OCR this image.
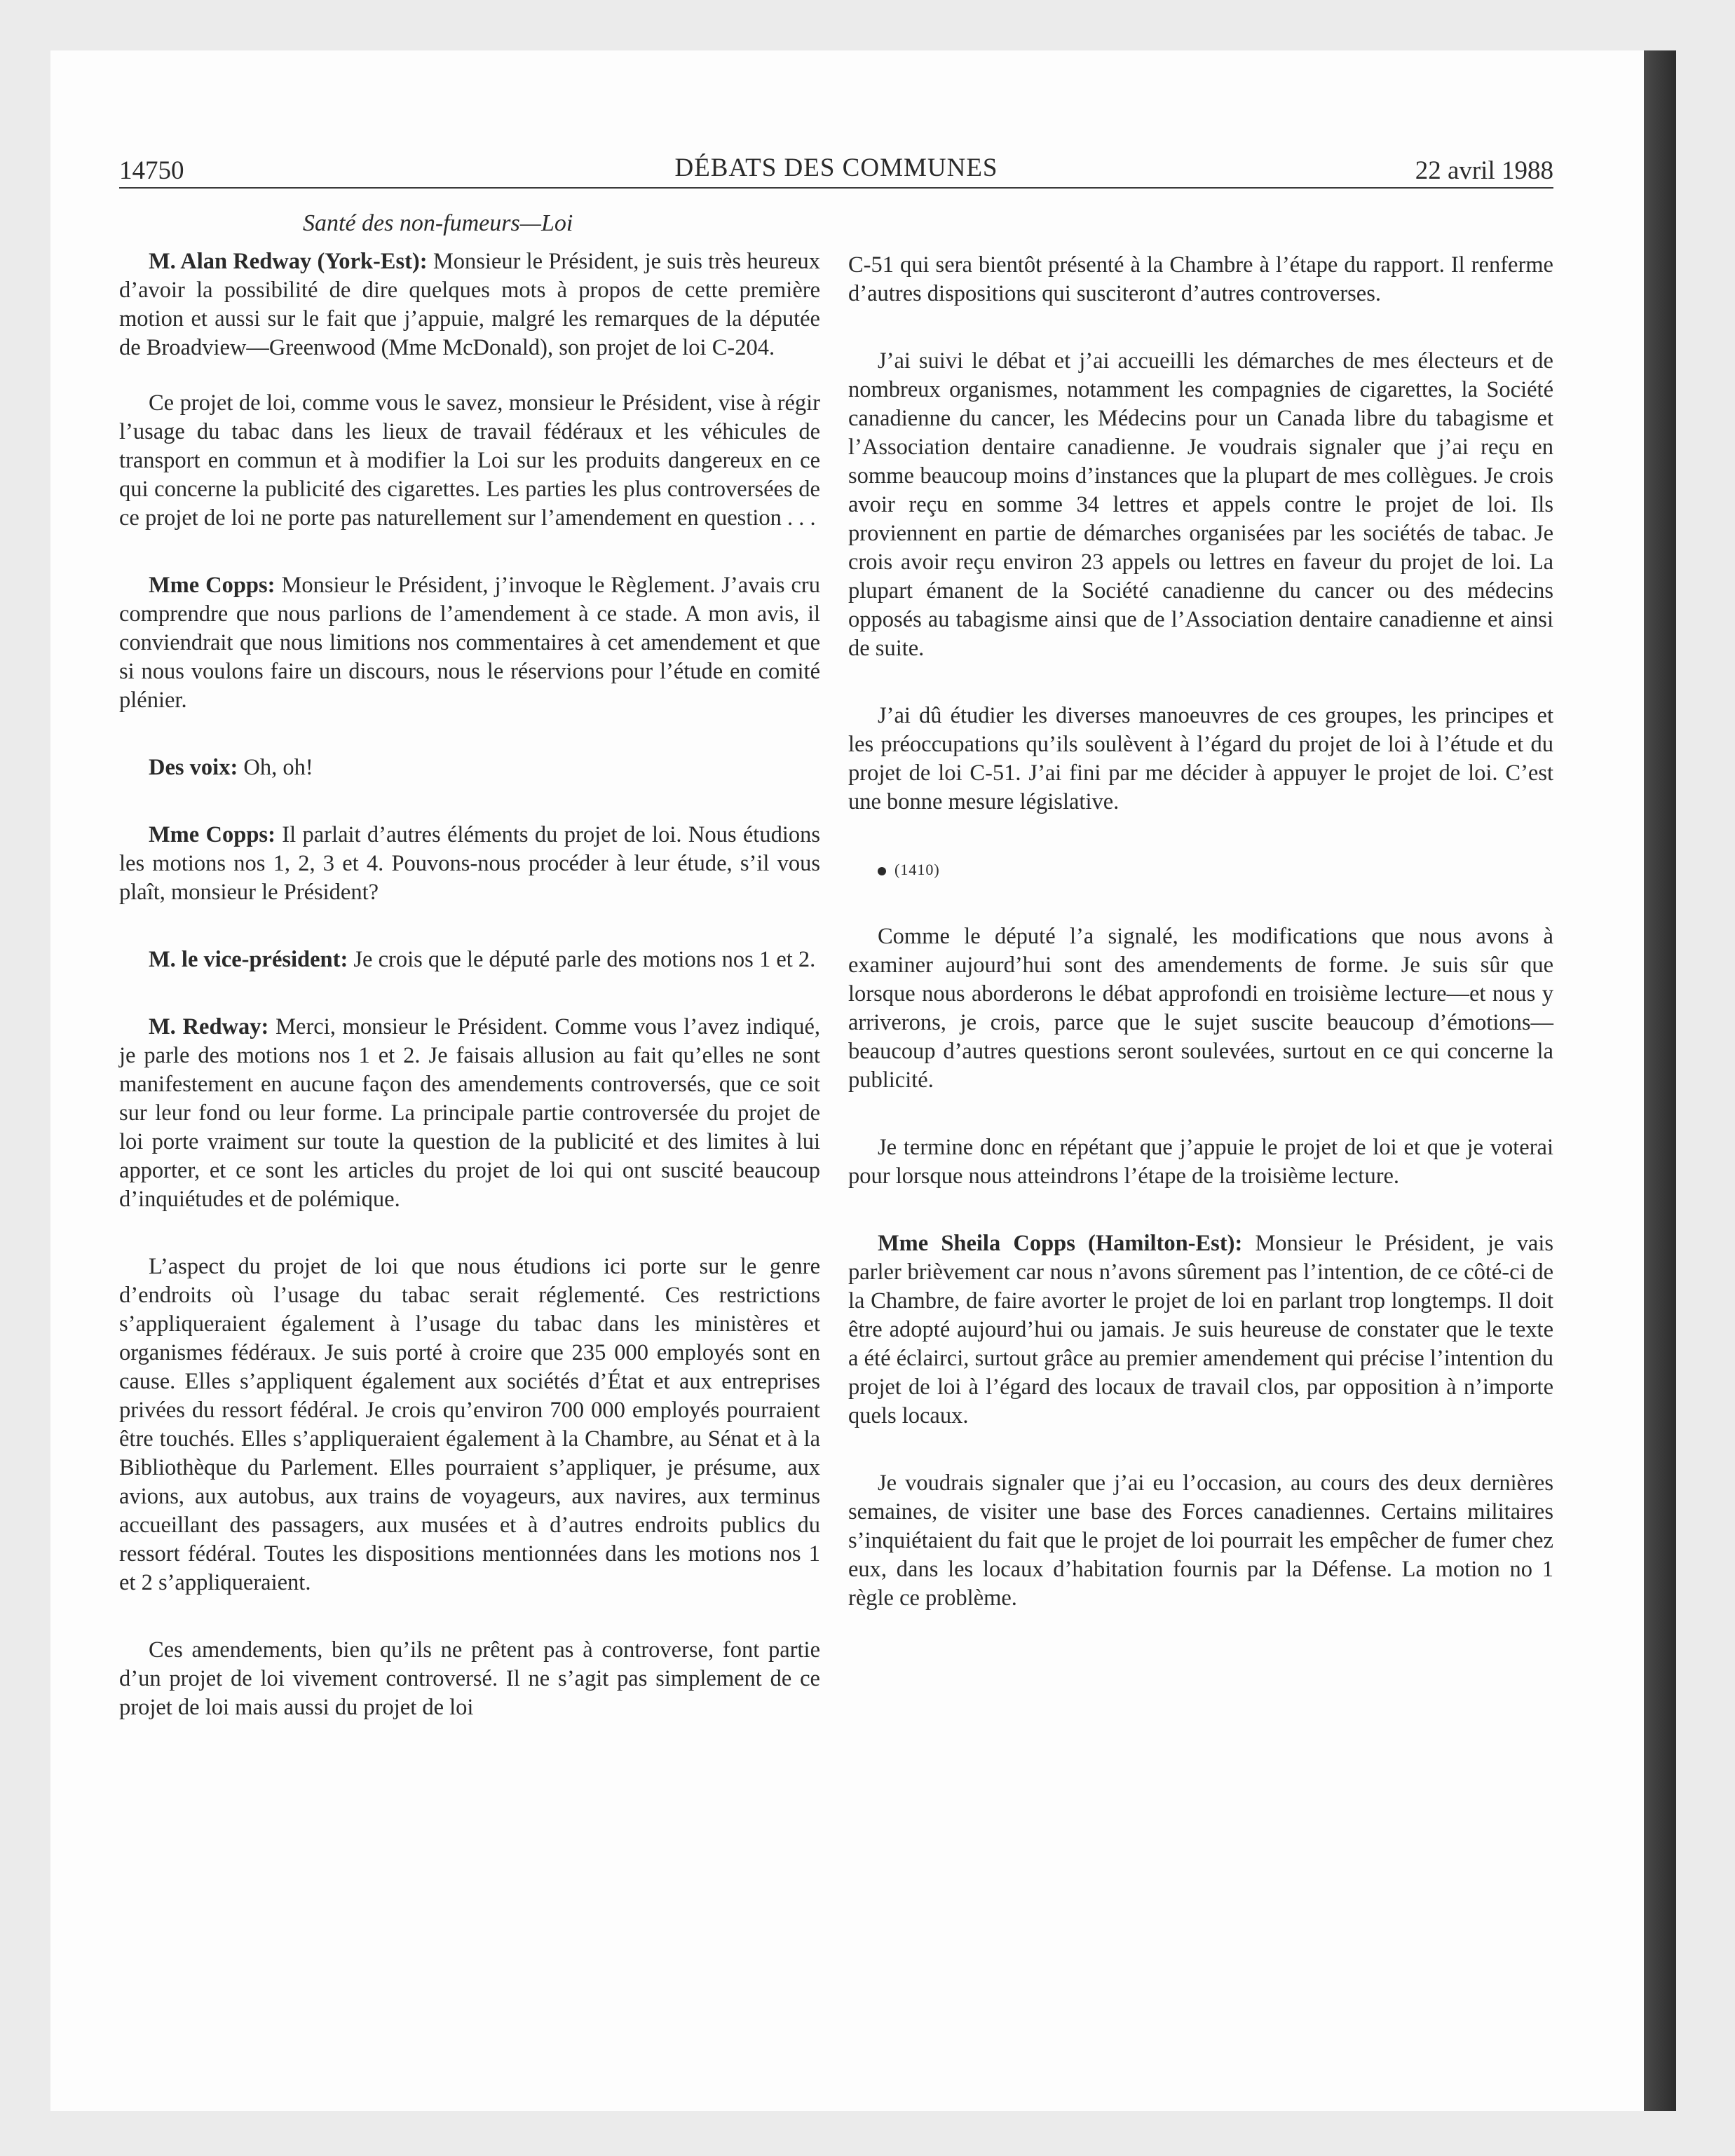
14750	DÉBATS DES COMMUNES	22 avril 1988
Santé des non-fumeurs—Loi

M. Alan Redway (York-Est): Monsieur le Président, je suis très heureux d’avoir la possibilité de dire quelques mots à propos de cette première motion et aussi sur le fait que j’appuie, malgré les remarques de la députée de Broadview—Greenwood (Mme McDonald), son projet de loi C-204.

Ce projet de loi, comme vous le savez, monsieur le Président, vise à régir l’usage du tabac dans les lieux de travail fédéraux et les véhicules de transport en commun et à modifier la Loi sur les produits dangereux en ce qui concerne la publicité des cigarettes. Les parties les plus controversées de ce projet de loi ne porte pas naturellement sur l’amendement en question . . .

Mme Copps: Monsieur le Président, j’invoque le Règlement. J’avais cru comprendre que nous parlions de l’amendement à ce stade. A mon avis, il conviendrait que nous limitions nos commentaires à cet amendement et que si nous voulons faire un discours, nous le réservions pour l’étude en comité plénier.

Des voix: Oh, oh!

Mme Copps: Il parlait d’autres éléments du projet de loi. Nous étudions les motions nos 1, 2, 3 et 4. Pouvons-nous procéder à leur étude, s’il vous plaît, monsieur le Président?

M. le vice-président: Je crois que le député parle des motions nos 1 et 2.

M. Redway: Merci, monsieur le Président. Comme vous l’avez indiqué, je parle des motions nos 1 et 2. Je faisais allusion au fait qu’elles ne sont manifestement en aucune façon des amendements controversés, que ce soit sur leur fond ou leur forme. La principale partie controversée du projet de loi porte vraiment sur toute la question de la publicité et des limites à lui apporter, et ce sont les articles du projet de loi qui ont suscité beaucoup d’inquiétudes et de polémique.

L’aspect du projet de loi que nous étudions ici porte sur le genre d’endroits où l’usage du tabac serait réglementé. Ces restrictions s’appliqueraient également à l’usage du tabac dans les ministères et organismes fédéraux. Je suis porté à croire que 235 000 employés sont en cause. Elles s’appliquent également aux sociétés d’État et aux entreprises privées du ressort fédéral. Je crois qu’environ 700 000 employés pourraient être touchés. Elles s’appliqueraient également à la Chambre, au Sénat et à la Bibliothèque du Parlement. Elles pourraient s’appliquer, je présume, aux avions, aux autobus, aux trains de voyageurs, aux navires, aux terminus accueillant des passagers, aux musées et à d’autres endroits publics du ressort fédéral. Toutes les dispositions mentionnées dans les motions nos 1 et 2 s’appliqueraient.

Ces amendements, bien qu’ils ne prêtent pas à controverse, font partie d’un projet de loi vivement controversé. Il ne s’agit pas simplement de ce projet de loi mais aussi du projet de loi

C-51 qui sera bientôt présenté à la Chambre à l’étape du rapport. Il renferme d’autres dispositions qui susciteront d’autres controverses.

J’ai suivi le débat et j’ai accueilli les démarches de mes électeurs et de nombreux organismes, notamment les compagnies de cigarettes, la Société canadienne du cancer, les Médecins pour un Canada libre du tabagisme et l’Association dentaire canadienne. Je voudrais signaler que j’ai reçu en somme beaucoup moins d’instances que la plupart de mes collègues. Je crois avoir reçu en somme 34 lettres et appels contre le projet de loi. Ils proviennent en partie de démarches organisées par les sociétés de tabac. Je crois avoir reçu environ 23 appels ou lettres en faveur du projet de loi. La plupart émanent de la Société canadienne du cancer ou des médecins opposés au tabagisme ainsi que de l’Association dentaire canadienne et ainsi de suite.

J’ai dû étudier les diverses manoeuvres de ces groupes, les principes et les préoccupations qu’ils soulèvent à l’égard du projet de loi à l’étude et du projet de loi C-51. J’ai fini par me décider à appuyer le projet de loi. C’est une bonne mesure législative.

(1410)

Comme le député l’a signalé, les modifications que nous avons à examiner aujourd’hui sont des amendements de forme. Je suis sûr que lorsque nous aborderons le débat approfondi en troisième lecture—et nous y arriverons, je crois, parce que le sujet suscite beaucoup d’émotions—beaucoup d’autres questions seront soulevées, surtout en ce qui concerne la publicité.

Je termine donc en répétant que j’appuie le projet de loi et que je voterai pour lorsque nous atteindrons l’étape de la troisième lecture.

Mme Sheila Copps (Hamilton-Est): Monsieur le Président, je vais parler brièvement car nous n’avons sûrement pas l’intention, de ce côté-ci de la Chambre, de faire avorter le projet de loi en parlant trop longtemps. Il doit être adopté aujourd’hui ou jamais. Je suis heureuse de constater que le texte a été éclairci, surtout grâce au premier amendement qui précise l’intention du projet de loi à l’égard des locaux de travail clos, par opposition à n’importe quels locaux.

Je voudrais signaler que j’ai eu l’occasion, au cours des deux dernières semaines, de visiter une base des Forces canadiennes. Certains militaires s’inquiétaient du fait que le projet de loi pourrait les empêcher de fumer chez eux, dans les locaux d’habitation fournis par la Défense. La motion no 1 règle ce problème.
